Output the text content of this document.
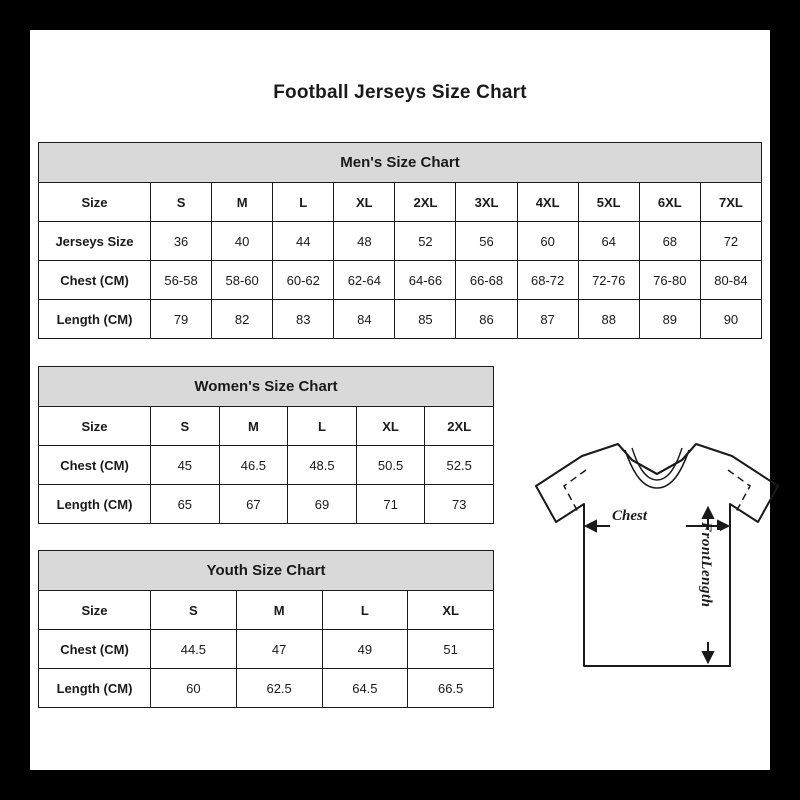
Football Jerseys Size Chart
Men's Size Chart
Size	S	M	L	XL	2XL	3XL	4XL	5XL	6XL	7XL
Jerseys Size	36	40	44	48	52	56	60	64	68	72
Chest (CM)	56-58	58-60	60-62	62-64	64-66	66-68	68-72	72-76	76-80	80-84
Length (CM)	79	82	83	84	85	86	87	88	89	90
Women's Size Chart
Size	S	M	L	XL	2XL
Chest (CM)	45	46.5	48.5	50.5	52.5
Length (CM)	65	67	69	71	73
Youth Size Chart
Size	S	M	L	XL
Chest (CM)	44.5	47	49	51
Length (CM)	60	62.5	64.5	66.5
Chest
FrontLength
